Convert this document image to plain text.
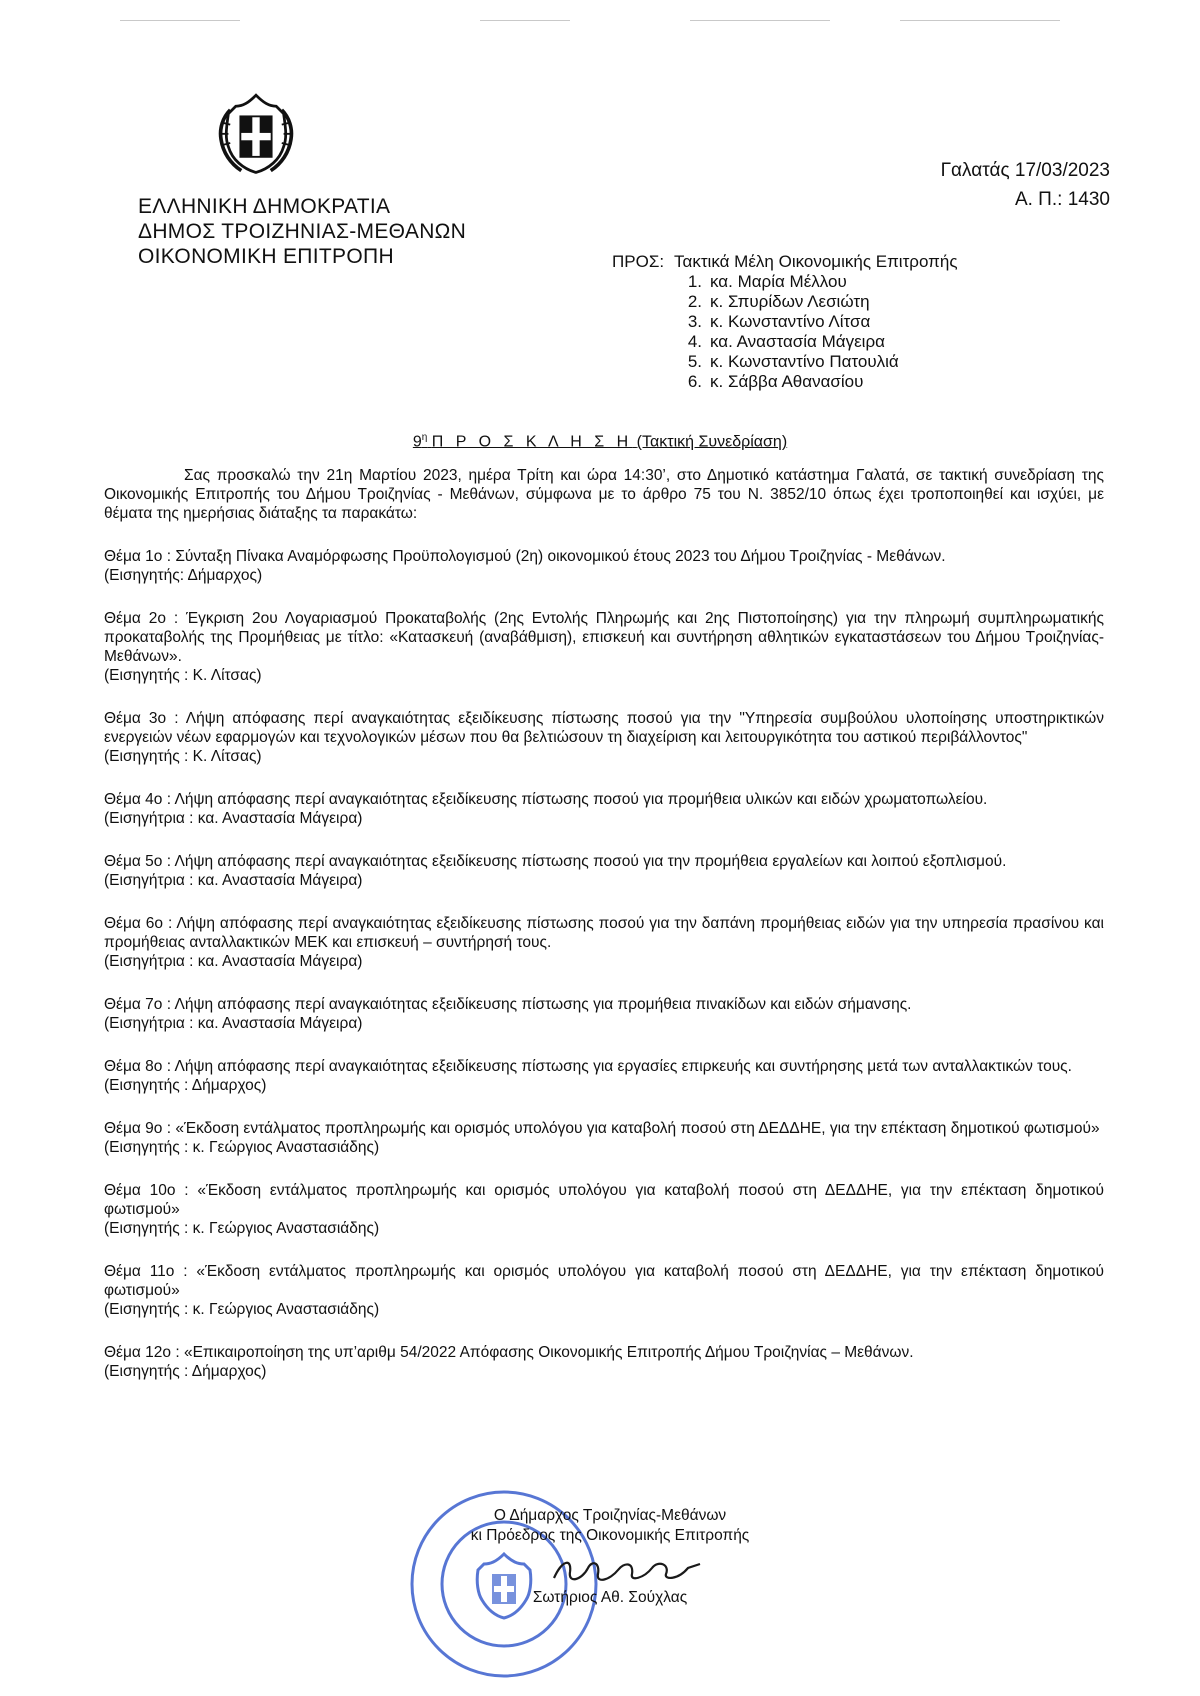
ΕΛΛΗΝΙΚΗ ΔΗΜΟΚΡΑΤΙΑ
ΔΗΜΟΣ ΤΡΟΙΖΗΝΙΑΣ-ΜΕΘΑΝΩΝ
ΟΙΚΟΝΟΜΙΚΗ ΕΠΙΤΡΟΠΗ
Γαλατάς 17/03/2023
Α. Π.: 1430
ΠΡΟΣ: Τακτικά Μέλη Οικονομικής Επιτροπής
1. κα. Μαρία Μέλλου
2. κ. Σπυρίδων Λεσιώτη
3. κ. Κωνσταντίνο Λίτσα
4. κα. Αναστασία Μάγειρα
5. κ. Κωνσταντίνο Πατουλιά
6. κ. Σάββα Αθανασίου
$9^\eta$ Π Ρ Ο Σ Κ Λ Η Σ Η (Τακτική Συνεδρίαση)

Σας προσκαλώ την 21η Μαρτίου 2023, ημέρα Τρίτη και ώρα 14:30’, στο Δημοτικό κατάστημα Γαλατά, σε τακτική συνεδρίαση της Οικονομικής Επιτροπής του Δήμου Τροιζηνίας - Μεθάνων, σύμφωνα με το άρθρο 75 του Ν. 3852/10 όπως έχει τροποποιηθεί και ισχύει, με θέματα της ημερήσιας διάταξης τα παρακάτω:

Θέμα 1ο : Σύνταξη Πίνακα Αναμόρφωσης Προϋπολογισμού (2η) οικονομικού έτους 2023 του Δήμου Τροιζηνίας - Μεθάνων.
(Εισηγητής: Δήμαρχος)
Θέμα 2ο : Έγκριση 2ου Λογαριασμού Προκαταβολής (2ης Εντολής Πληρωμής και 2ης Πιστοποίησης) για την πληρωμή συμπληρωματικής προκαταβολής της Προμήθειας με τίτλο: «Κατασκευή (αναβάθμιση), επισκευή και συντήρηση αθλητικών εγκαταστάσεων του Δήμου Τροιζηνίας-Μεθάνων».
(Εισηγητής : Κ. Λίτσας)
Θέμα 3ο : Λήψη απόφασης περί αναγκαιότητας εξειδίκευσης πίστωσης ποσού για την "Υπηρεσία συμβούλου υλοποίησης υποστηρικτικών ενεργειών νέων εφαρμογών και τεχνολογικών μέσων που θα βελτιώσουν τη διαχείριση και λειτουργικότητα του αστικού περιβάλλοντος"
(Εισηγητής : Κ. Λίτσας)
Θέμα 4ο : Λήψη απόφασης περί αναγκαιότητας εξειδίκευσης πίστωσης ποσού για προμήθεια υλικών και ειδών χρωματοπωλείου.
(Εισηγήτρια : κα. Αναστασία Μάγειρα)
Θέμα 5ο : Λήψη απόφασης περί αναγκαιότητας εξειδίκευσης πίστωσης ποσού για την προμήθεια εργαλείων και λοιπού εξοπλισμού.
(Εισηγήτρια : κα. Αναστασία Μάγειρα)
Θέμα 6ο : Λήψη απόφασης περί αναγκαιότητας εξειδίκευσης πίστωσης ποσού για την δαπάνη προμήθειας ειδών για την υπηρεσία πρασίνου και προμήθειας ανταλλακτικών ΜΕΚ και επισκευή – συντήρησή τους.
(Εισηγήτρια : κα. Αναστασία Μάγειρα)
Θέμα 7ο : Λήψη απόφασης περί αναγκαιότητας εξειδίκευσης πίστωσης για προμήθεια πινακίδων και ειδών σήμανσης.
(Εισηγήτρια : κα. Αναστασία Μάγειρα)
Θέμα 8ο : Λήψη απόφασης περί αναγκαιότητας εξειδίκευσης πίστωσης για εργασίες επιρκευής και συντήρησης μετά των ανταλλακτικών τους.
(Εισηγητής : Δήμαρχος)
Θέμα 9ο : «Έκδοση εντάλματος προπληρωμής και ορισμός υπολόγου για καταβολή ποσού στη ΔΕΔΔΗΕ, για την επέκταση δημοτικού φωτισμού»
(Εισηγητής : κ. Γεώργιος Αναστασιάδης)
Θέμα 10ο : «Έκδοση εντάλματος προπληρωμής και ορισμός υπολόγου για καταβολή ποσού στη ΔΕΔΔΗΕ, για την επέκταση δημοτικού φωτισμού»
(Εισηγητής : κ. Γεώργιος Αναστασιάδης)
Θέμα 11ο : «Έκδοση εντάλματος προπληρωμής και ορισμός υπολόγου για καταβολή ποσού στη ΔΕΔΔΗΕ, για την επέκταση δημοτικού φωτισμού»
(Εισηγητής : κ. Γεώργιος Αναστασιάδης)
Θέμα 12ο : «Επικαιροποίηση της υπ’αριθμ 54/2022 Απόφασης Οικονομικής Επιτροπής Δήμου Τροιζηνίας – Μεθάνων.
(Εισηγητής : Δήμαρχος)
Ο Δήμαρχος Τροιζηνίας-Μεθάνων
κι Πρόεδρος της Οικονομικής Επιτροπής
Σωτήριος Αθ. Σούχλας
